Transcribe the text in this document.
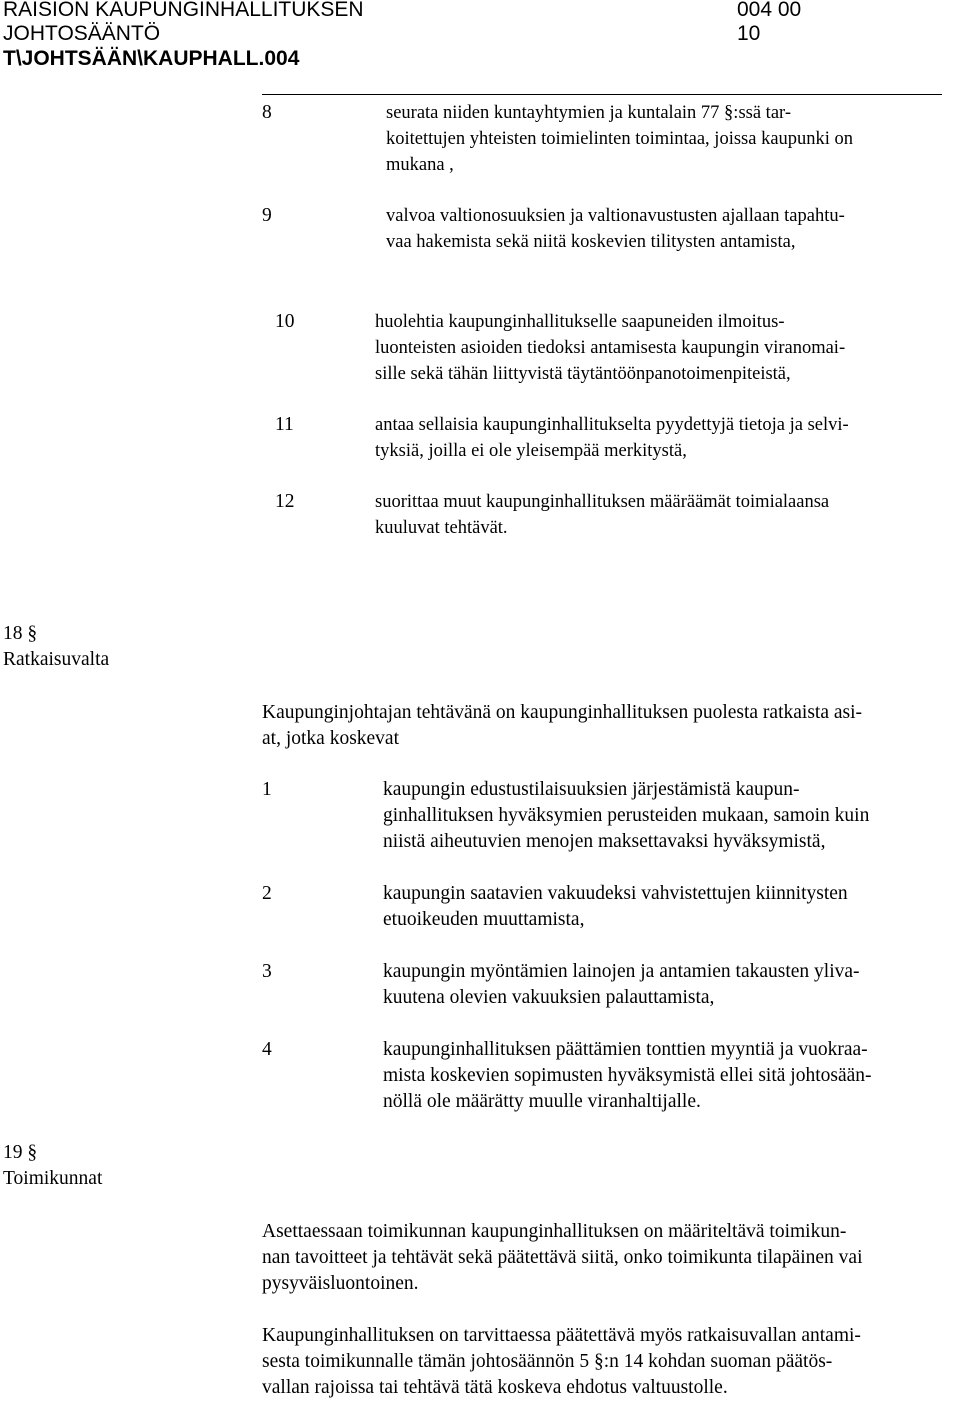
RAISION KAUPUNGINHALLITUKSEN
JOHTOSÄÄNTÖ
T\JOHTSÄÄN\KAUPHALL.004
004 00
10
8	seurata niiden kuntayhtymien ja kuntalain 77 §:ssä tar-
koitettujen yhteisten toimielinten toimintaa, joissa kaupunki on
mukana ,
9	valvoa valtionosuuksien ja valtionavustusten ajallaan tapahtu-
vaa hakemista sekä niitä koskevien tilitysten antamista,
10	huolehtia kaupunginhallitukselle saapuneiden ilmoitus-
luonteisten asioiden tiedoksi antamisesta kaupungin viranomai-
sille sekä tähän liittyvistä täytäntöönpanotoimenpiteistä,
11	antaa sellaisia kaupunginhallitukselta pyydettyjä tietoja ja selvi-
tyksiä, joilla ei ole yleisempää merkitystä,
12	suorittaa muut kaupunginhallituksen määräämät toimialaansa
kuuluvat tehtävät.
18 §
Ratkaisuvalta
Kaupunginjohtajan tehtävänä on kaupunginhallituksen puolesta ratkaista asi-
at, jotka koskevat
1	kaupungin edustustilaisuuksien järjestämistä kaupun-
ginhallituksen hyväksymien perusteiden mukaan, samoin kuin
niistä aiheutuvien menojen maksettavaksi hyväksymistä,
2	kaupungin saatavien vakuudeksi vahvistettujen kiinnitysten
etuoikeuden muuttamista,
3	kaupungin myöntämien lainojen ja antamien takausten yliva-
kuutena olevien vakuuksien palauttamista,
4	kaupunginhallituksen päättämien tonttien myyntiä ja vuokraa-
mista koskevien sopimusten hyväksymistä ellei sitä johtosään-
nöllä ole määrätty muulle viranhaltijalle.
19 §
Toimikunnat
Asettaessaan toimikunnan kaupunginhallituksen on määriteltävä toimikun-
nan tavoitteet ja tehtävät sekä päätettävä siitä, onko toimikunta tilapäinen vai
pysyväisluontoinen.
Kaupunginhallituksen on tarvittaessa päätettävä myös ratkaisuvallan antami-
sesta toimikunnalle tämän johtosäännön 5 §:n 14 kohdan suoman päätös-
vallan rajoissa tai tehtävä tätä koskeva ehdotus valtuustolle.
